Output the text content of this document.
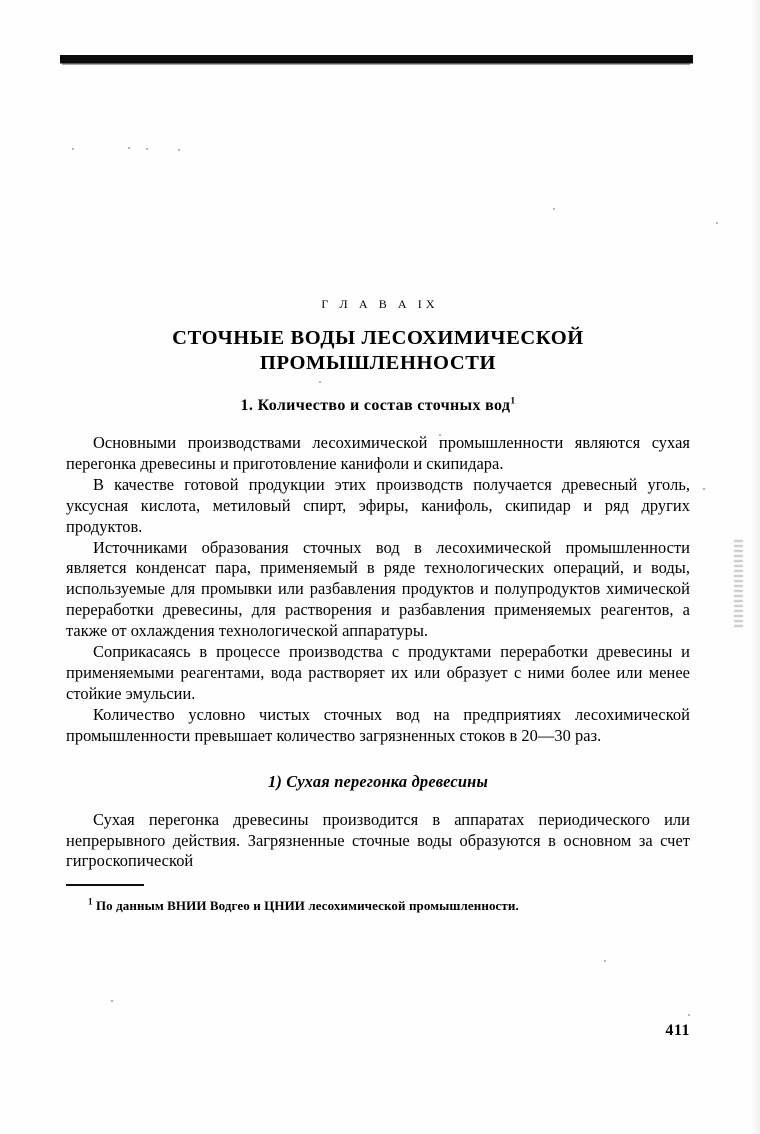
Г Л А В А IX
СТОЧНЫЕ ВОДЫ ЛЕСОХИМИЧЕСКОЙ
ПРОМЫШЛЕННОСТИ
1. Количество и состав сточных вод$^1$

Основными производствами лесохимической промышленности являются сухая перегонка древесины и приготовление канифоли и скипидара.

В качестве готовой продукции этих производств получается древесный уголь, уксусная кислота, метиловый спирт, эфиры, канифоль, скипидар и ряд других продуктов.

Источниками образования сточных вод в лесохимической промышленности является конденсат пара, применяемый в ряде технологических операций, и воды, используемые для промывки или разбавления продуктов и полупродуктов химической переработки древесины, для растворения и разбавления применяемых реагентов, а также от охлаждения технологической аппаратуры.

Соприкасаясь в процессе производства с продуктами переработки древесины и применяемыми реагентами, вода растворяет их или образует с ними более или менее стойкие эмульсии.

Количество условно чистых сточных вод на предприятиях лесохимической промышленности превышает количество загрязненных стоков в 20—30 раз.

1) Сухая перегонка древесины

Сухая перегонка древесины производится в аппаратах периодического или непрерывного действия. Загрязненные сточные воды образуются в основном за счет гигроскопической

$^1$ По данным ВНИИ Водгео и ЦНИИ лесохимической промышленности.

411
